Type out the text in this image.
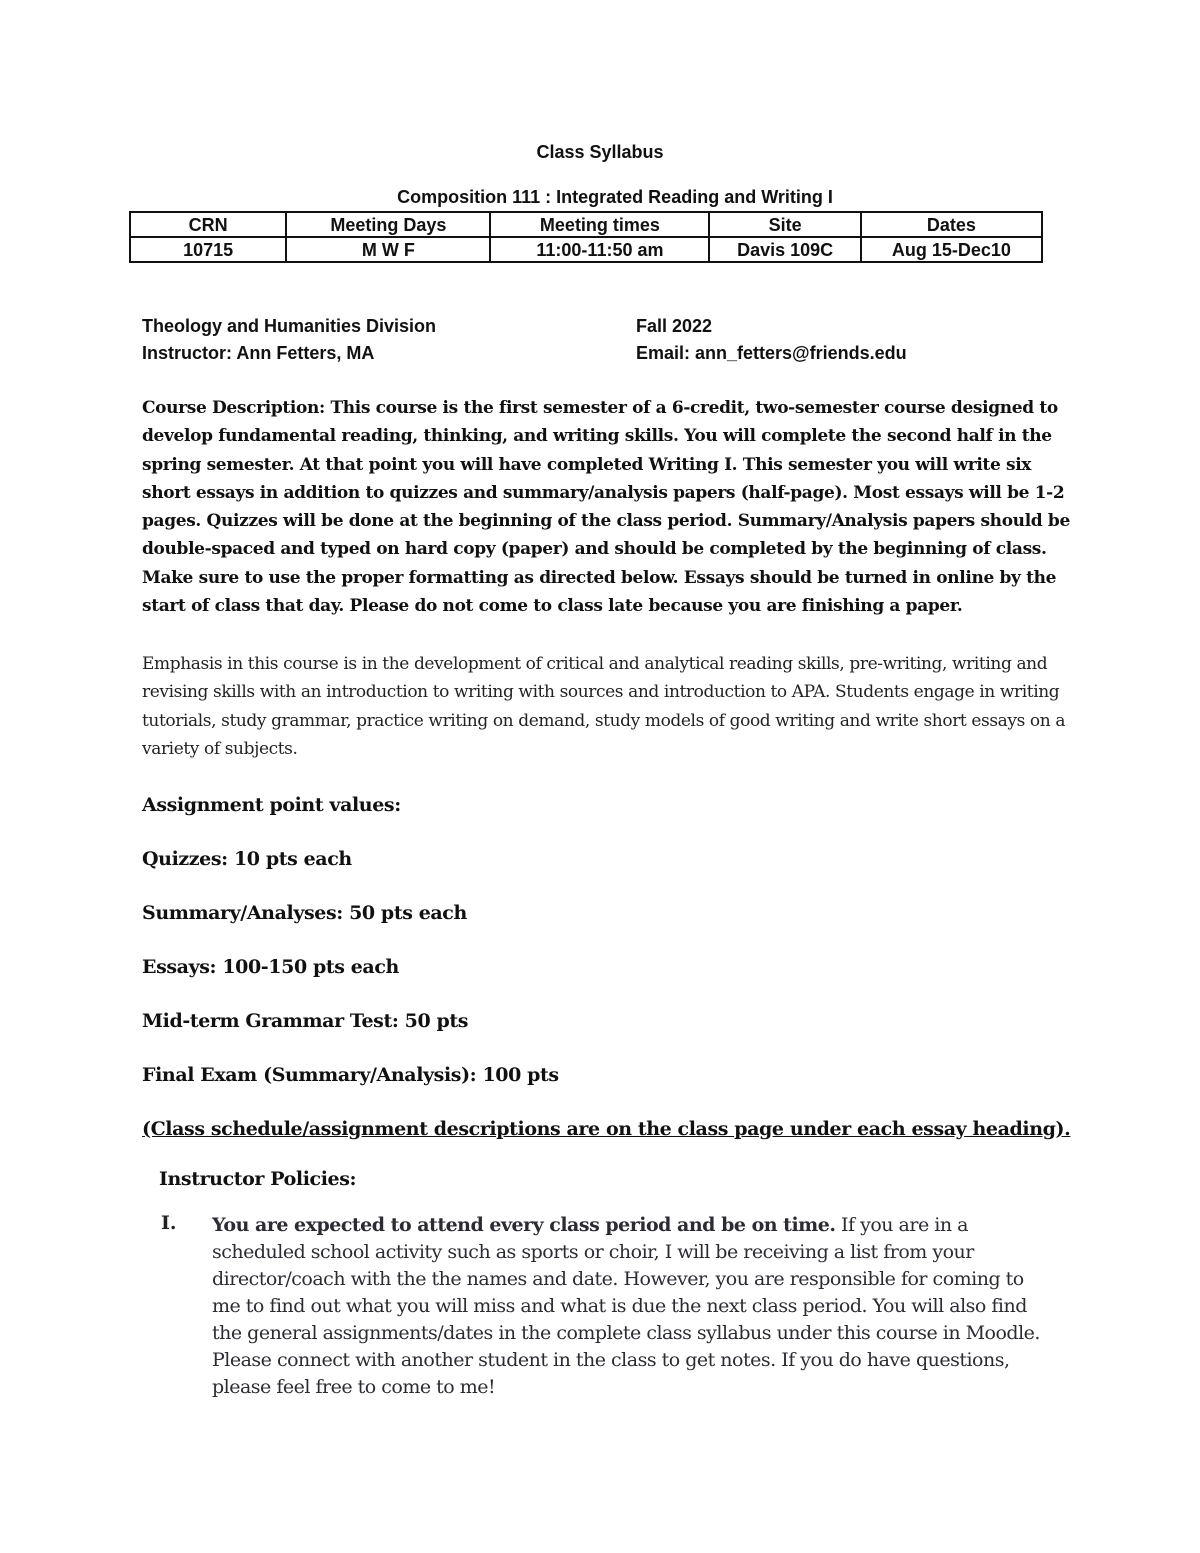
Class Syllabus
Composition 111 : Integrated Reading and Writing I
CRN	Meeting Days	Meeting times	Site	Dates
10715	M W F	11:00-11:50 am	Davis 109C	Aug 15-Dec10
Theology and Humanities Division	Fall 2022
Instructor: Ann Fetters, MA	Email: ann_fetters@friends.edu
Course Description: This course is the first semester of a 6-credit, two-semester course designed to develop fundamental reading, thinking, and writing skills. You will complete the second half in the spring semester. At that point you will have completed Writing I. This semester you will write six short essays in addition to quizzes and summary/analysis papers (half-page). Most essays will be 1-2 pages. Quizzes will be done at the beginning of the class period. Summary/Analysis papers should be double-spaced and typed on hard copy (paper) and should be completed by the beginning of class. Make sure to use the proper formatting as directed below. Essays should be turned in online by the start of class that day. Please do not come to class late because you are finishing a paper.
Emphasis in this course is in the development of critical and analytical reading skills, pre-writing, writing and revising skills with an introduction to writing with sources and introduction to APA. Students engage in writing tutorials, study grammar, practice writing on demand, study models of good writing and write short essays on a variety of subjects.
Assignment point values:
Quizzes: 10 pts each
Summary/Analyses: 50 pts each
Essays: 100-150 pts each
Mid-term Grammar Test: 50 pts
Final Exam (Summary/Analysis): 100 pts
(Class schedule/assignment descriptions are on the class page under each essay heading).
Instructor Policies:
I. You are expected to attend every class period and be on time. If you are in a scheduled school activity such as sports or choir, I will be receiving a list from your director/coach with the the names and date. However, you are responsible for coming to me to find out what you will miss and what is due the next class period. You will also find the general assignments/dates in the complete class syllabus under this course in Moodle. Please connect with another student in the class to get notes. If you do have questions, please feel free to come to me!
